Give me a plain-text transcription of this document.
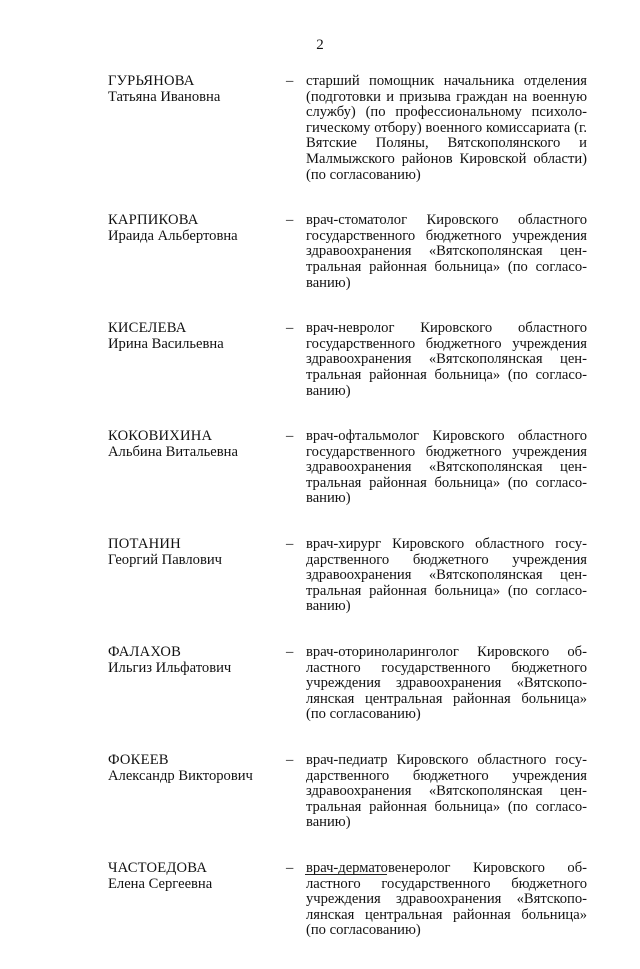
2
ГУРЬЯНОВА
Татьяна Ивановна
– старший помощник начальника отделения (подготовки и призыва граждан на военную службу) (по профессиональному психологическому отбору) военного комиссариата (г. Вятские Поляны, Вятскополянского и Малмыжского районов Кировской области) (по согласованию)
КАРПИКОВА
Ираида Альбертовна
– врач-стоматолог Кировского областного государственного бюджетного учреждения здравоохранения «Вятскополянская центральная районная больница» (по согласованию)
КИСЕЛЕВА
Ирина Васильевна
– врач-невролог Кировского областного государственного бюджетного учреждения здравоохранения «Вятскополянская центральная районная больница» (по согласованию)
КОКОВИХИНА
Альбина Витальевна
– врач-офтальмолог Кировского областного государственного бюджетного учреждения здравоохранения «Вятскополянская центральная районная больница» (по согласованию)
ПОТАНИН
Георгий Павлович
– врач-хирург Кировского областного государственного бюджетного учреждения здравоохранения «Вятскополянская центральная районная больница» (по согласованию)
ФАЛАХОВ
Ильгиз Ильфатович
– врач-оториноларинголог Кировского областного государственного бюджетного учреждения здравоохранения «Вятскополянская центральная районная больница» (по согласованию)
ФОКЕЕВ
Александр Викторович
– врач-педиатр Кировского областного государственного бюджетного учреждения здравоохранения «Вятскополянская центральная районная больница» (по согласованию)
ЧАСТОЕДОВА
Елена Сергеевна
– врач-дерматовенеролог Кировского областного государственного бюджетного учреждения здравоохранения «Вятскополянская центральная районная больница» (по согласованию)
